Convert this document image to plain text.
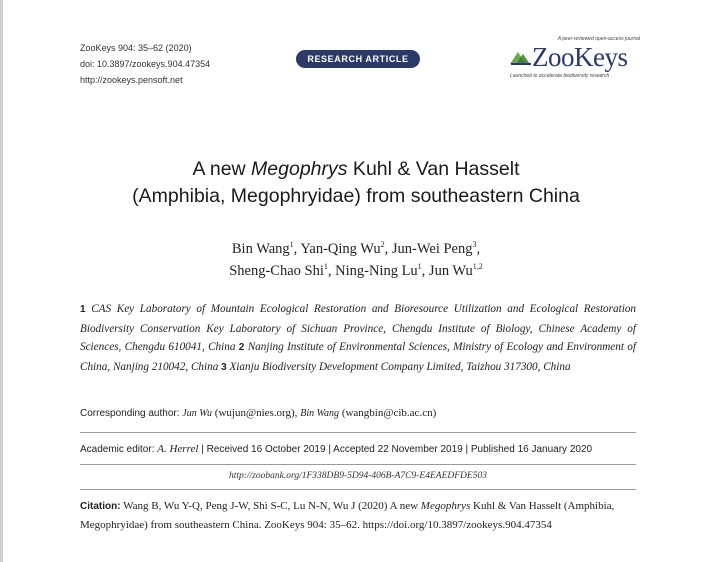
ZooKeys 904: 35–62 (2020)
doi: 10.3897/zookeys.904.47354
http://zookeys.pensoft.net
RESEARCH ARTICLE
A peer-reviewed open-access journal
ZooKeys
Launched to accelerate biodiversity research
A new Megophrys Kuhl & Van Hasselt
(Amphibia, Megophryidae) from southeastern China
Bin Wang$^1$, Yan-Qing Wu$^2$, Jun-Wei Peng$^3$,
Sheng-Chao Shi$^1$, Ning-Ning Lu$^1$, Jun Wu$^{1,2}$
1 CAS Key Laboratory of Mountain Ecological Restoration and Bioresource Utilization and Ecological Restoration Biodiversity Conservation Key Laboratory of Sichuan Province, Chengdu Institute of Biology, Chinese Academy of Sciences, Chengdu 610041, China 2 Nanjing Institute of Environmental Sciences, Ministry of Ecology and Environment of China, Nanjing 210042, China 3 Xianju Biodiversity Development Company Limited, Taizhou 317300, China
Corresponding author: Jun Wu (wujun@nies.org), Bin Wang (wangbin@cib.ac.cn)
Academic editor: A. Herrel | Received 16 October 2019 | Accepted 22 November 2019 | Published 16 January 2020
http://zoobank.org/1F338DB9-5D94-406B-A7C9-E4EAEDFDE503
Citation: Wang B, Wu Y-Q, Peng J-W, Shi S-C, Lu N-N, Wu J (2020) A new Megophrys Kuhl & Van Hasselt (Amphibia, Megophryidae) from southeastern China. ZooKeys 904: 35–62. https://doi.org/10.3897/zookeys.904.47354
